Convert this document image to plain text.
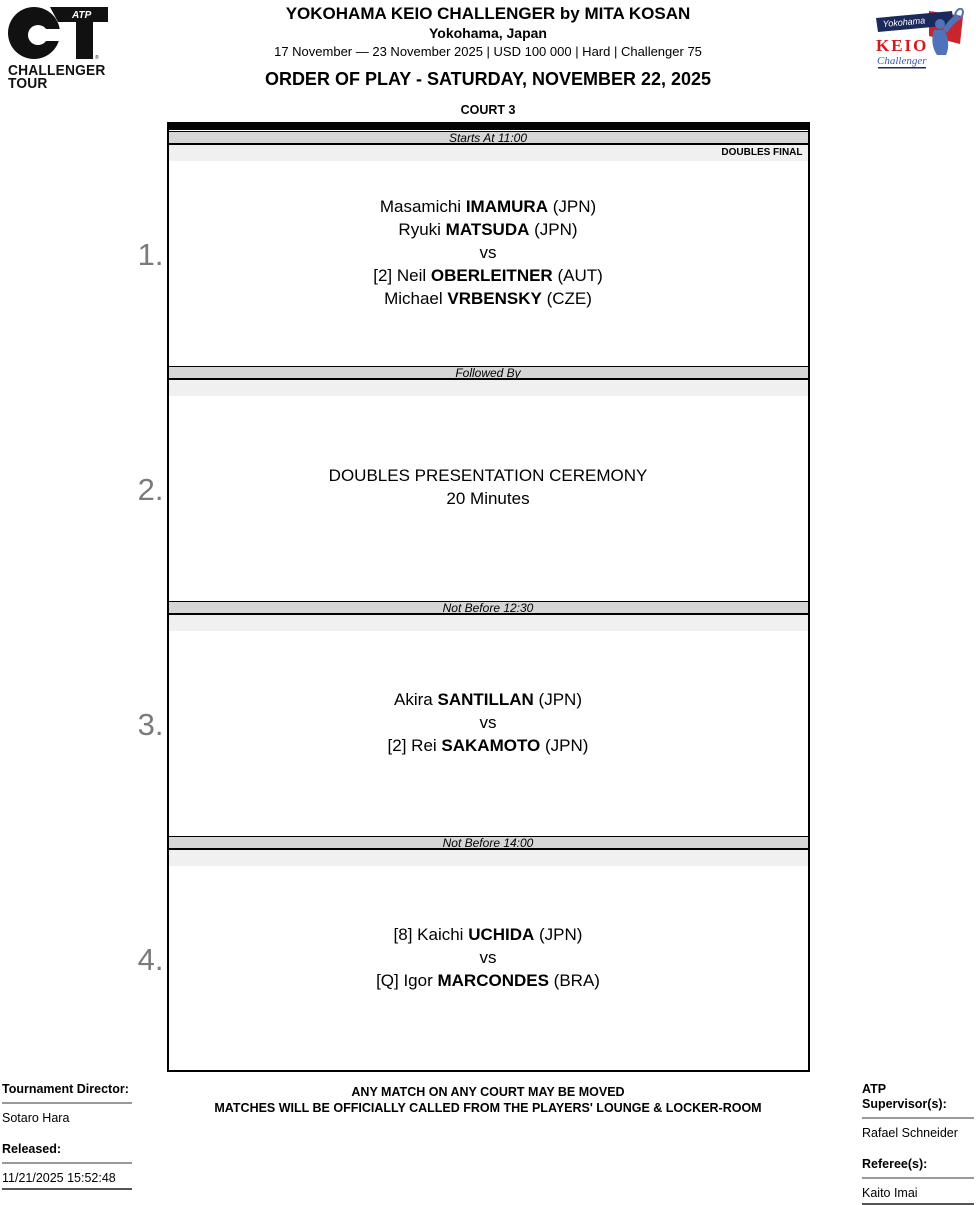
ATP
®
CHALLENGER
TOUR
YOKOHAMA KEIO CHALLENGER by MITA KOSAN
Yokohama, Japan
17 November — 23 November 2025 | USD 100 000 | Hard | Challenger 75
Yokohama
KEIO
Challenger
ORDER OF PLAY - SATURDAY, NOVEMBER 22, 2025
COURT 3
Starts At 11:00
1.
DOUBLES FINAL
Masamichi IMAMURA (JPN)
Ryuki MATSUDA (JPN)
vs
[2] Neil OBERLEITNER (AUT)
Michael VRBENSKY (CZE)
Followed By
2.	DOUBLES PRESENTATION CEREMONY
20 Minutes
Not Before 12:30
3.
Akira SANTILLAN (JPN)
vs
[2] Rei SAKAMOTO (JPN)
Not Before 14:00
4.
[8] Kaichi UCHIDA (JPN)
vs
[Q] Igor MARCONDES (BRA)
Tournament Director:
Sotaro Hara
Released:
11/21/2025 15:52:48
ANY MATCH ON ANY COURT MAY BE MOVED
MATCHES WILL BE OFFICIALLY CALLED FROM THE PLAYERS' LOUNGE & LOCKER-ROOM
ATP Supervisor(s):
Rafael Schneider
Referee(s):
Kaito Imai
